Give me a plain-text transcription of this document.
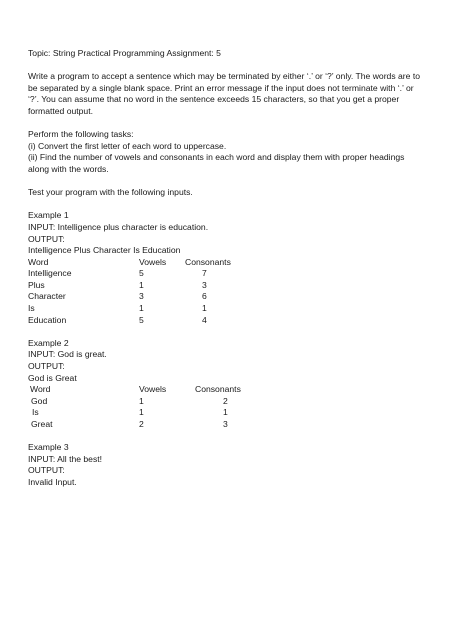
Topic: String Practical Programming Assignment: 5
Write a program to accept a sentence which may be terminated by either ‘.’ or ‘?’ only. The words are to
be separated by a single blank space. Print an error message if the input does not terminate with ‘.’ or
‘?’. You can assume that no word in the sentence exceeds 15 characters, so that you get a proper
formatted output.
Perform the following tasks:
(i) Convert the first letter of each word to uppercase.
(ii) Find the number of vowels and consonants in each word and display them with proper headings
along with the words.
Test your program with the following inputs.
Example 1
INPUT: Intelligence plus character is education.
OUTPUT:
Intelligence Plus Character Is Education
Word	Vowels Consonants
Intelligence	5	7
Plus	1	3
Character	3	6
Is	1	1
Education	5	4
Example 2
INPUT: God is great.
OUTPUT:
God is Great
Word	Vowels	Consonants
God	1	2
Is	1	1
Great	2	3
Example 3
INPUT: All the best!
OUTPUT:
Invalid Input.
